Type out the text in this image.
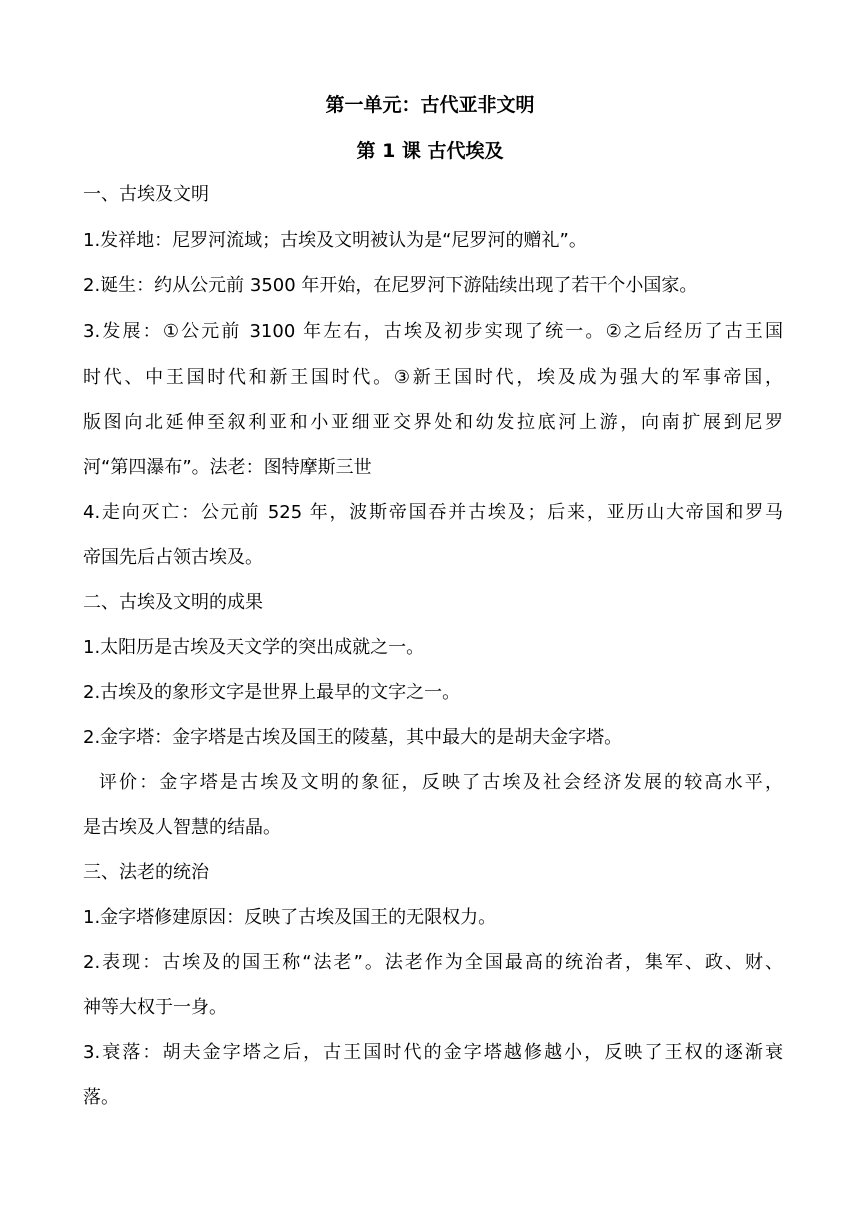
第一单元：古代亚非文明
第 1 课 古代埃及
一、古埃及文明
1.发祥地：尼罗河流域；古埃及文明被认为是“尼罗河的赠礼”。
2.诞生：约从公元前 3500 年开始，在尼罗河下游陆续出现了若干个小国家。
3.发展：①公元前 3100 年左右，古埃及初步实现了统一。②之后经历了古王国
时代、中王国时代和新王国时代。③新王国时代，埃及成为强大的军事帝国，
版图向北延伸至叙利亚和小亚细亚交界处和幼发拉底河上游，向南扩展到尼罗
河“第四瀑布”。法老：图特摩斯三世
4.走向灭亡：公元前 525 年，波斯帝国吞并古埃及；后来，亚历山大帝国和罗马
帝国先后占领古埃及。
二、古埃及文明的成果
1.太阳历是古埃及天文学的突出成就之一。
2.古埃及的象形文字是世界上最早的文字之一。
2.金字塔：金字塔是古埃及国王的陵墓，其中最大的是胡夫金字塔。
评价：金字塔是古埃及文明的象征，反映了古埃及社会经济发展的较高水平，
是古埃及人智慧的结晶。
三、法老的统治
1.金字塔修建原因：反映了古埃及国王的无限权力。
2.表现：古埃及的国王称“法老”。法老作为全国最高的统治者，集军、政、财、
神等大权于一身。
3.衰落：胡夫金字塔之后，古王国时代的金字塔越修越小，反映了王权的逐渐衰
落。
